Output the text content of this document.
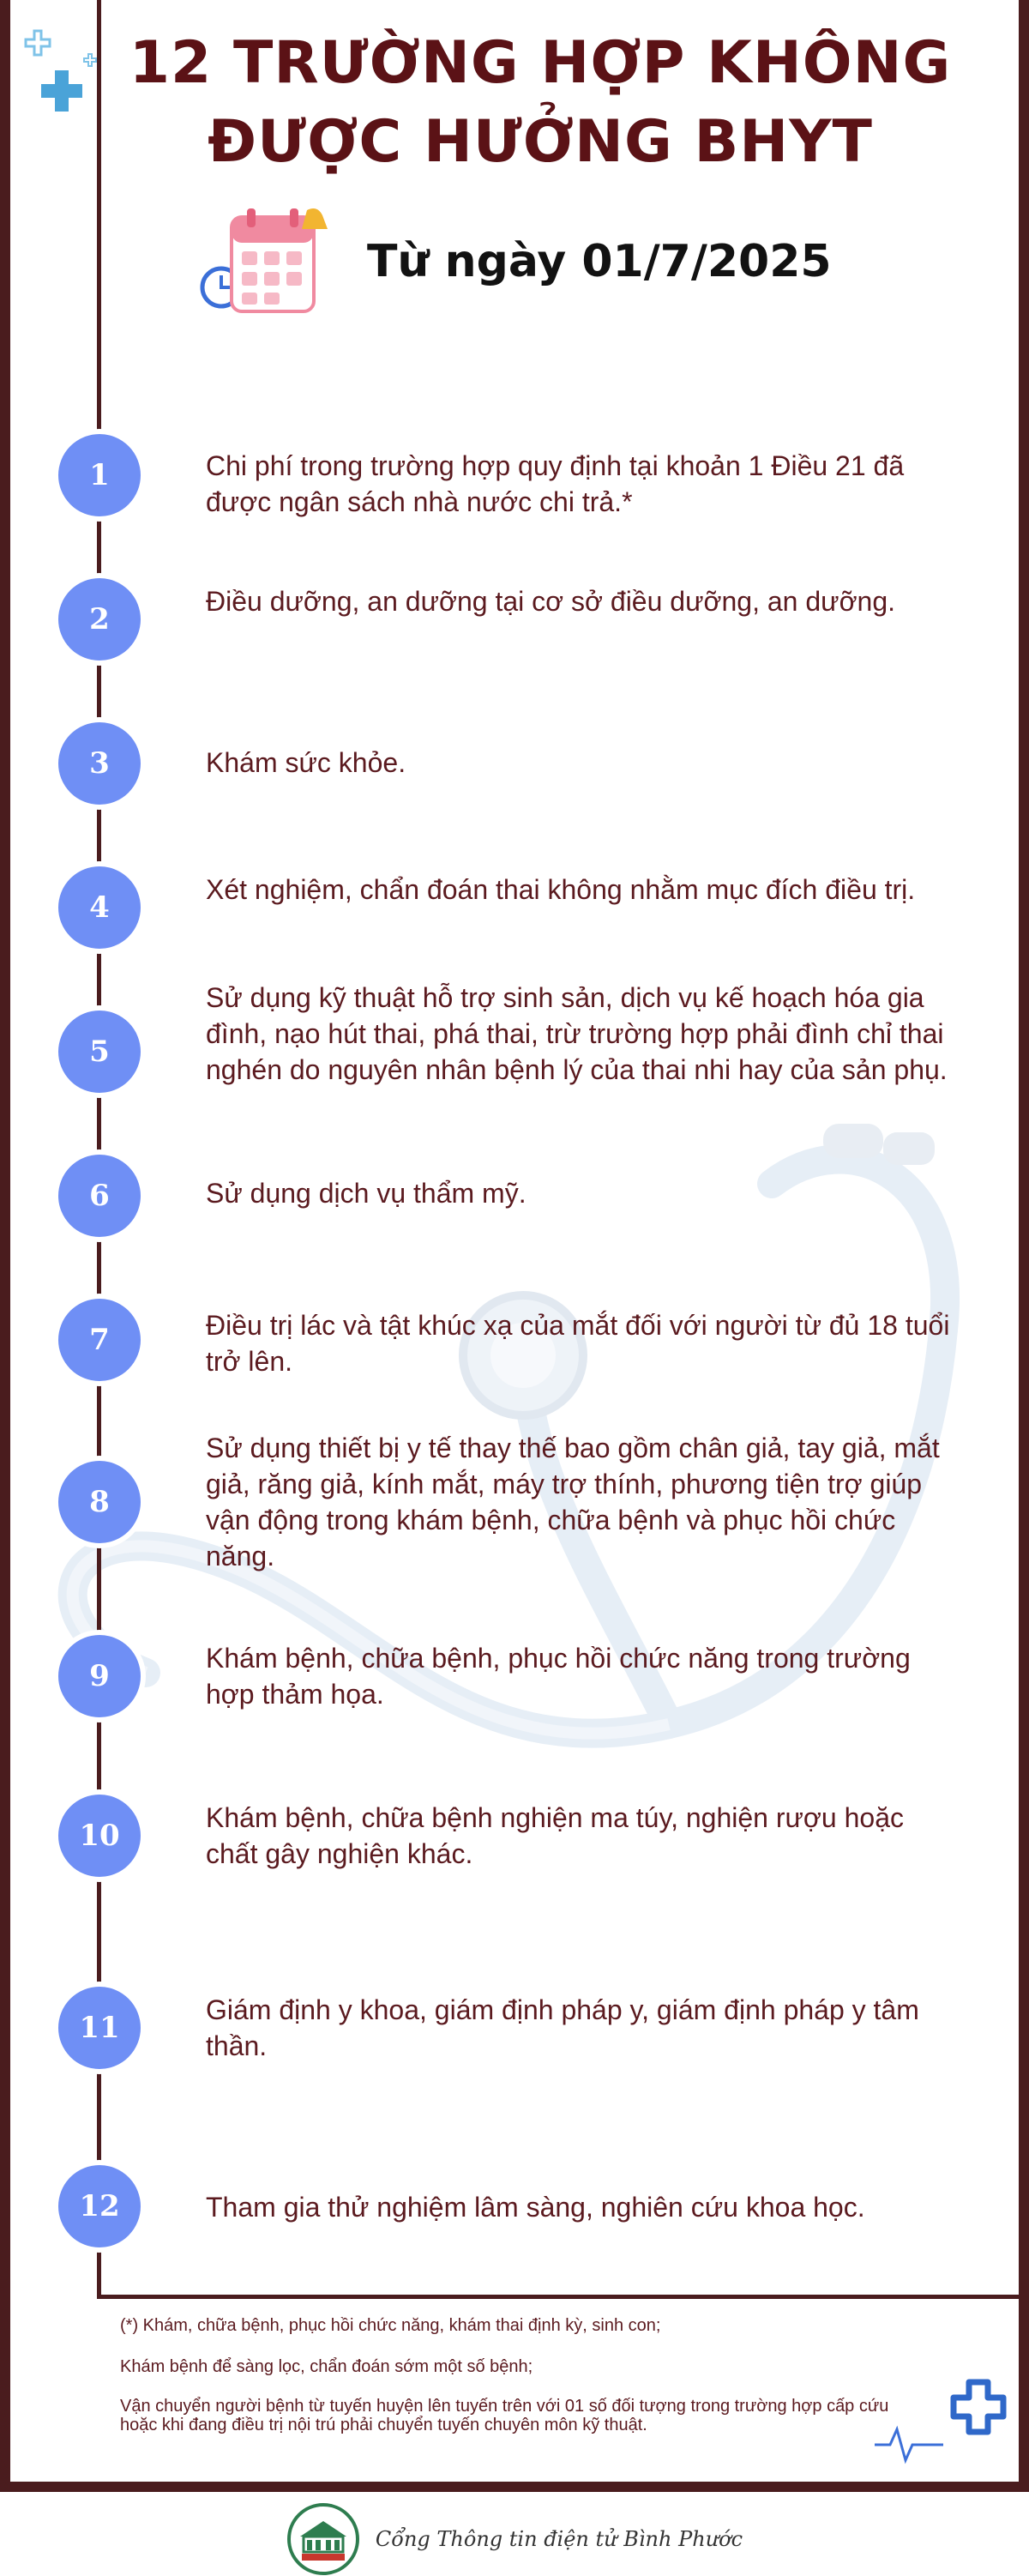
12 TRƯỜNG HỢP KHÔNG
ĐƯỢC HƯỞNG BHYT
Từ ngày 01/7/2025
1	Chi phí trong trường hợp quy định tại khoản 1 Điều 21 đã được ngân sách nhà nước chi trả.*
2
Điều dưỡng, an dưỡng tại cơ sở điều dưỡng, an dưỡng.
3	Khám sức khỏe.
4
Xét nghiệm, chẩn đoán thai không nhằm mục đích điều trị.
5
Sử dụng kỹ thuật hỗ trợ sinh sản, dịch vụ kế hoạch hóa gia đình, nạo hút thai, phá thai, trừ trường hợp phải đình chỉ thai nghén do nguyên nhân bệnh lý của thai nhi hay của sản phụ.
6	Sử dụng dịch vụ thẩm mỹ.
7	Điều trị lác và tật khúc xạ của mắt đối với người từ đủ 18 tuổi trở lên.
8
Sử dụng thiết bị y tế thay thế bao gồm chân giả, tay giả, mắt giả, răng giả, kính mắt, máy trợ thính, phương tiện trợ giúp vận động trong khám bệnh, chữa bệnh và phục hồi chức năng.
9
Khám bệnh, chữa bệnh, phục hồi chức năng trong trường hợp thảm họa.
10
Khám bệnh, chữa bệnh nghiện ma túy, nghiện rượu hoặc chất gây nghiện khác.
11
Giám định y khoa, giám định pháp y, giám định pháp y tâm thần.
12	Tham gia thử nghiệm lâm sàng, nghiên cứu khoa học.
(*) Khám, chữa bệnh, phục hồi chức năng, khám thai định kỳ, sinh con;
Khám bệnh để sàng lọc, chẩn đoán sớm một số bệnh;
Vận chuyển người bệnh từ tuyến huyện lên tuyến trên với 01 số đối tượng trong trường hợp cấp cứu hoặc khi đang điều trị nội trú phải chuyển tuyến chuyên môn kỹ thuật.
Cổng Thông tin điện tử Bình Phước
